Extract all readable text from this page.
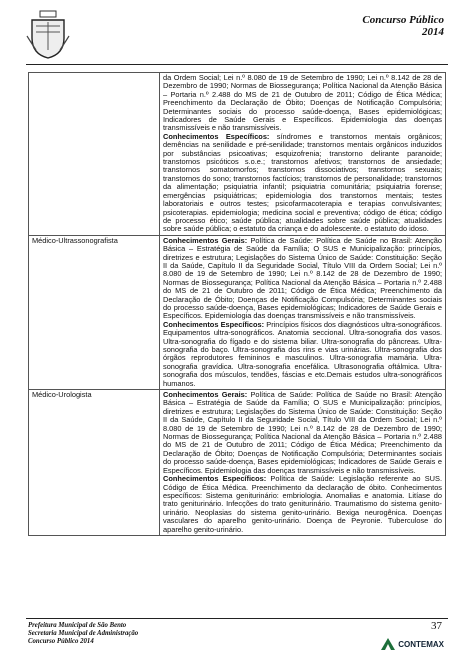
Concurso Público
2014

	da Ordem Social; Lei n.º 8.080 de 19 de Setembro de 1990; Lei n.º 8.142 de 28 de Dezembro de 1990; Normas de Biossegurança; Política Nacional da Atenção Básica – Portaria n.º 2.488 do MS de 21 de Outubro de 2011; Código de Ética Médica; Preenchimento da Declaração de Óbito; Doenças de Notificação Compulsória; Determinantes sociais do processo saúde-doença, Bases epidemiológicas; Indicadores de Saúde Gerais e Específicos. Epidemiologia das doenças transmissíveis e não transmissíveis.
Conhecimentos Específicos: síndromes e transtornos mentais orgânicos; demências na senilidade e pré-senilidade; transtornos mentais orgânicos induzidos por substâncias psicoativas; esquizofrenia; transtorno delirante paranoide; transtornos psicóticos s.o.e.; transtornos afetivos; transtornos de ansiedade; transtornos somatomorfos; transtornos dissociativos; transtornos sexuais; transtornos do sono; transtornos factícios; transtornos de personalidade; transtornos da alimentação; psiquiatria infantil; psiquiatria comunitária; psiquiatria forense; emergências psiquiátricas; epidemiologia dos transtornos mentais; testes laboratoriais e outros testes; psicofarmacoterapia e terapias convulsivantes; psicoterapias. epidemiologia; medicina social e preventiva; código de ética; código de processo ético; saúde pública; atualidades sobre saúde pública; atualidades sobre saúde pública; o estatuto da criança e do adolescente. o estatuto do idoso.

Médico-Ultrassonografista	Conhecimentos Gerais: Política de Saúde: Política de Saúde no Brasil: Atenção Básica – Estratégia de Saúde da Família; O SUS e Municipalização: princípios, diretrizes e estrutura; Legislações do Sistema Único de Saúde: Constituição: Seção II da Saúde, Capítulo II da Seguridade Social, Título VIII da Ordem Social; Lei n.º 8.080 de 19 de Setembro de 1990; Lei n.º 8.142 de 28 de Dezembro de 1990; Normas de Biossegurança; Política Nacional da Atenção Básica – Portaria n.º 2.488 do MS de 21 de Outubro de 2011; Código de Ética Médica; Preenchimento da Declaração de Óbito; Doenças de Notificação Compulsória; Determinantes sociais do processo saúde-doença, Bases epidemiológicas; Indicadores de Saúde Gerais e Específicos. Epidemiologia das doenças transmissíveis e não transmissíveis.
Conhecimentos Específicos: Princípios físicos dos diagnósticos ultra-sonográficos. Equipamentos ultra-sonográficos. Anatomia seccional. Ultra-sonografia dos vasos. Ultra-sonografia do fígado e do sistema biliar. Ultra-sonografia do pâncreas. Ultra-sonografia do baço. Ultra-sonografia dos rins e vias urinárias. Ultra-sonografia dos órgãos reprodutores femininos e masculinos. Ultra-sonografia mamária. Ultra-sonografia gravídica. Ultra-sonografia encefálica. Ultrasonografia oftálmica. Ultra-sonografia dos músculos, tendões, fáscias e etc.Demais estudos ultra-sonográficos humanos.

Médico-Urologista	Conhecimentos Gerais: Política de Saúde: Política de Saúde no Brasil: Atenção Básica – Estratégia de Saúde da Família; O SUS e Municipalização: princípios, diretrizes e estrutura; Legislações do Sistema Único de Saúde: Constituição: Seção II da Saúde, Capítulo II da Seguridade Social, Título VIII da Ordem Social; Lei n.º 8.080 de 19 de Setembro de 1990; Lei n.º 8.142 de 28 de Dezembro de 1990; Normas de Biossegurança; Política Nacional da Atenção Básica – Portaria n.º 2.488 do MS de 21 de Outubro de 2011; Código de Ética Médica; Preenchimento da Declaração de Óbito; Doenças de Notificação Compulsória; Determinantes sociais do processo saúde-doença, Bases epidemiológicas; Indicadores de Saúde Gerais e Específicos. Epidemiologia das doenças transmissíveis e não transmissíveis.
Conhecimentos Específicos: Política de Saúde: Legislação referente ao SUS. Código de Ética Médica. Preenchimento da declaração de óbito. Conhecimentos específicos: Sistema geniturinário: embriologia. Anomalias e anatomia. Litíase do trato geniturinário. Infecções do trato geniturinário. Traumatismo do sistema genito-urinário. Neoplasias do sistema genito-urinário. Bexiga neurogênica. Doenças vasculares do aparelho genito-urinário. Doença de Peyronie. Tuberculose do aparelho genito-urinário.

Prefeitura Municipal de São Bento
Secretaria Municipal de Administração
Concurso Público 2014
37
CONTEMAX
